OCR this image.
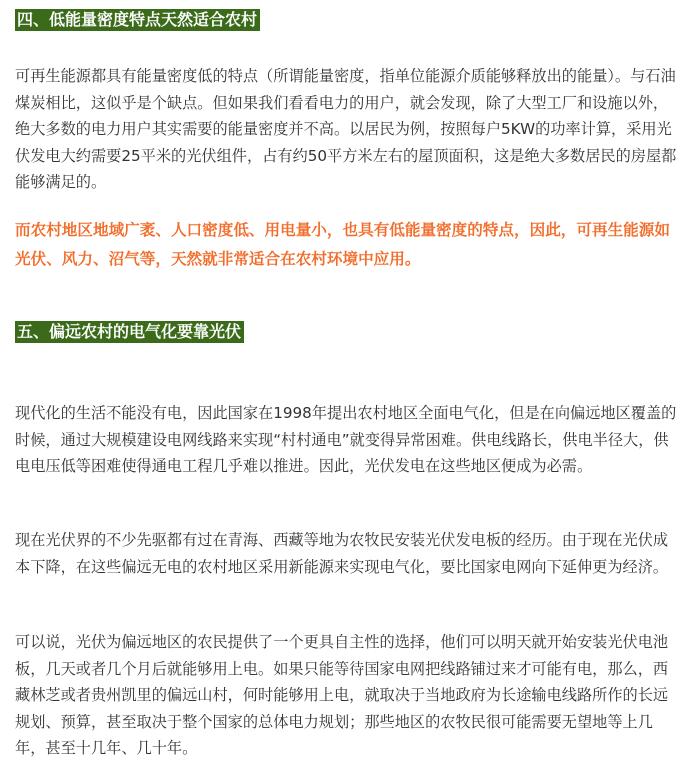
四、低能量密度特点天然适合农村

可再生能源都具有能量密度低的特点（所谓能量密度，指单位能源介质能够释放出的能量）。与石油煤炭相比，这似乎是个缺点。但如果我们看看电力的用户，就会发现，除了大型工厂和设施以外，绝大多数的电力用户其实需要的能量密度并不高。以居民为例，按照每户5KW的功率计算，采用光伏发电大约需要25平米的光伏组件，占有约50平方米左右的屋顶面积，这是绝大多数居民的房屋都能够满足的。

而农村地区地域广袤、人口密度低、用电量小，也具有低能量密度的特点，因此，可再生能源如光伏、风力、沼气等，天然就非常适合在农村环境中应用。

五、偏远农村的电气化要靠光伏

现代化的生活不能没有电，因此国家在1998年提出农村地区全面电气化，但是在向偏远地区覆盖的时候，通过大规模建设电网线路来实现“村村通电”就变得异常困难。供电线路长，供电半径大，供电电压低等困难使得通电工程几乎难以推进。因此，光伏发电在这些地区便成为必需。

现在光伏界的不少先驱都有过在青海、西藏等地为农牧民安装光伏发电板的经历。由于现在光伏成本下降，在这些偏远无电的农村地区采用新能源来实现电气化，要比国家电网向下延伸更为经济。

可以说，光伏为偏远地区的农民提供了一个更具自主性的选择，他们可以明天就开始安装光伏电池板，几天或者几个月后就能够用上电。如果只能等待国家电网把线路铺过来才可能有电，那么，西藏林芝或者贵州凯里的偏远山村，何时能够用上电，就取决于当地政府为长途输电线路所作的长远规划、预算，甚至取决于整个国家的总体电力规划；那些地区的农牧民很可能需要无望地等上几年，甚至十几年、几十年。
